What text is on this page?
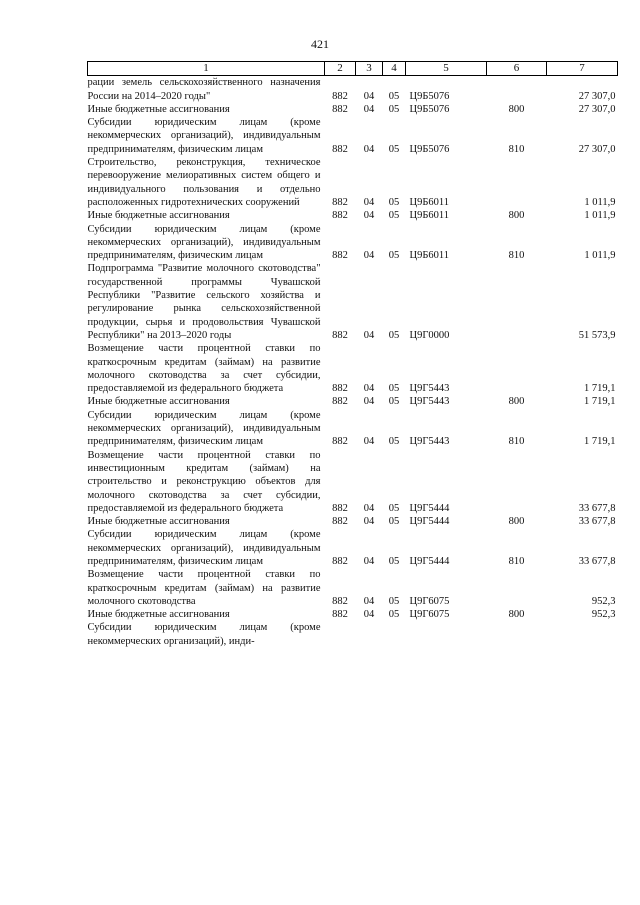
421
1	2	3	4	5	6	7
рации земель сельскохозяйственного назначения России на 2014–2020 годы"	882	04	05	Ц9Б5076		27 307,0
Иные бюджетные ассигнования	882	04	05	Ц9Б5076	800	27 307,0
Субсидии юридическим лицам (кроме некоммерческих организаций), индивидуальным предпринимателям, физическим лицам	882	04	05	Ц9Б5076	810	27 307,0
Строительство, реконструкция, техническое перевооружение мелиоративных систем общего и индивидуального пользования и отдельно расположенных гидротехнических сооружений	882	04	05	Ц9Б6011		1 011,9
Иные бюджетные ассигнования	882	04	05	Ц9Б6011	800	1 011,9
Субсидии юридическим лицам (кроме некоммерческих организаций), индивидуальным предпринимателям, физическим лицам	882	04	05	Ц9Б6011	810	1 011,9
Подпрограмма "Развитие молочного скотоводства" государственной программы Чувашской Республики "Развитие сельского хозяйства и регулирование рынка сельскохозяйственной продукции, сырья и продовольствия Чувашской Республики" на 2013–2020 годы	882	04	05	Ц9Г0000		51 573,9
Возмещение части процентной ставки по краткосрочным кредитам (займам) на развитие молочного скотоводства за счет субсидии, предоставляемой из федерального бюджета	882	04	05	Ц9Г5443		1 719,1
Иные бюджетные ассигнования	882	04	05	Ц9Г5443	800	1 719,1
Субсидии юридическим лицам (кроме некоммерческих организаций), индивидуальным предпринимателям, физическим лицам	882	04	05	Ц9Г5443	810	1 719,1
Возмещение части процентной ставки по инвестиционным кредитам (займам) на строительство и реконструкцию объектов для молочного скотоводства за счет субсидии, предоставляемой из федерального бюджета	882	04	05	Ц9Г5444		33 677,8
Иные бюджетные ассигнования	882	04	05	Ц9Г5444	800	33 677,8
Субсидии юридическим лицам (кроме некоммерческих организаций), индивидуальным предпринимателям, физическим лицам	882	04	05	Ц9Г5444	810	33 677,8
Возмещение части процентной ставки по краткосрочным кредитам (займам) на развитие молочного скотоводства	882	04	05	Ц9Г6075		952,3
Иные бюджетные ассигнования	882	04	05	Ц9Г6075	800	952,3
Субсидии юридическим лицам (кроме некоммерческих организаций), инди-						
